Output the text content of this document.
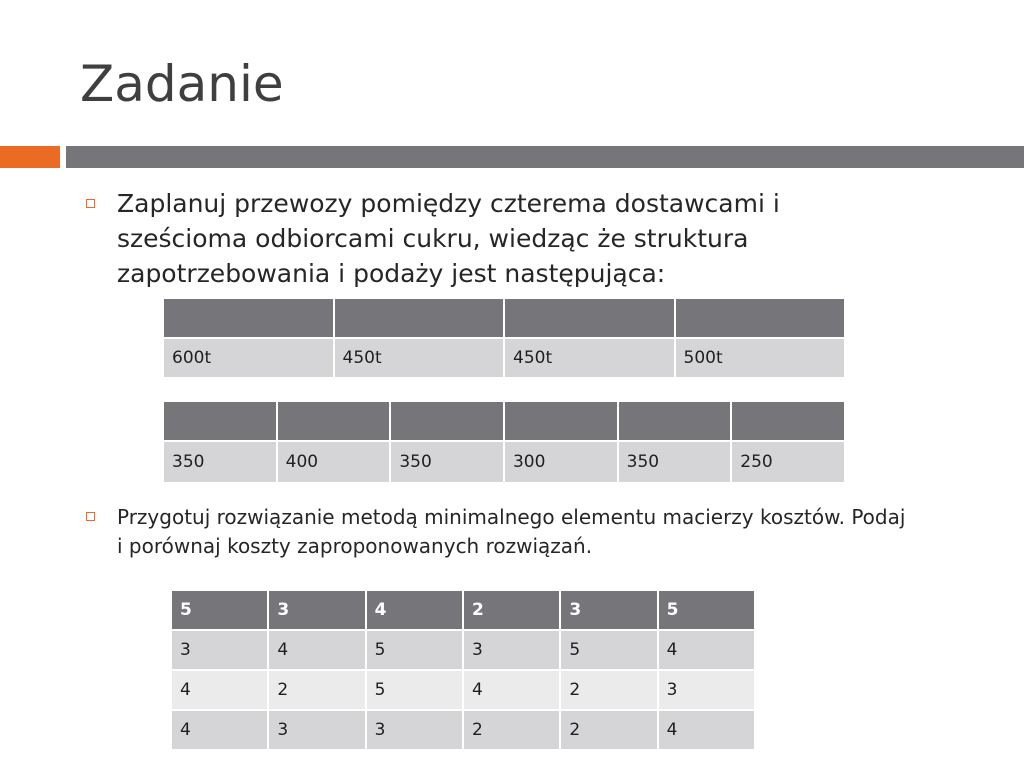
Zadanie
Zaplanuj przewozy pomiędzy czterema dostawcami i sześcioma odbiorcami cukru, wiedząc że struktura zapotrzebowania i podaży jest następująca:

600t	450t	450t	500t

350	400	350	300	350	250
Przygotuj rozwiązanie metodą minimalnego elementu macierzy kosztów. Podaj i porównaj koszty zaproponowanych rozwiązań.
5	3	4	2	3	5
3	4	5	3	5	4
4	2	5	4	2	3
4	3	3	2	2	4
